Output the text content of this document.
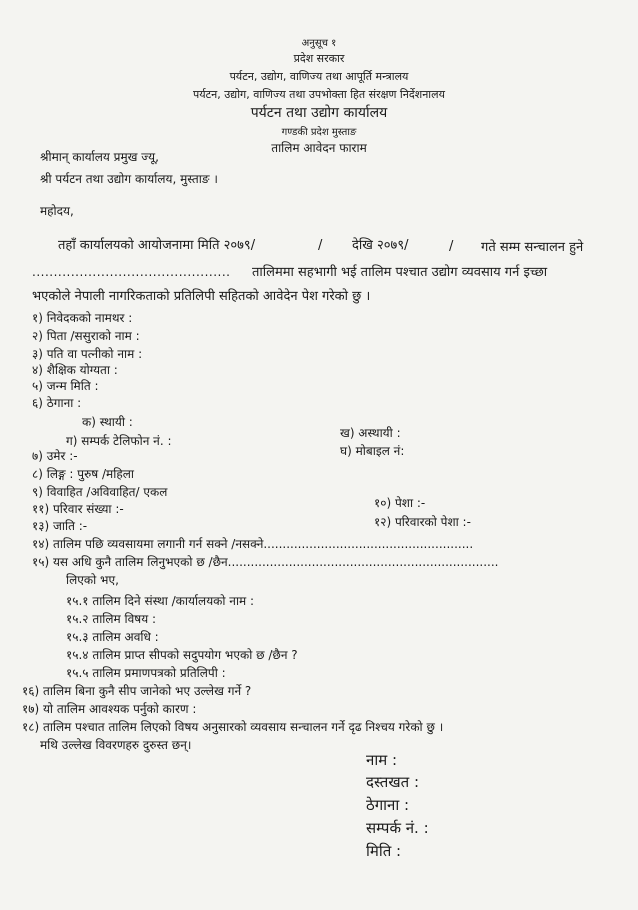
अनुसूच १
प्रदेश सरकार
पर्यटन, उद्योग, वाणिज्य तथा आपूर्ति मन्त्रालय
पर्यटन, उद्योग, वाणिज्य तथा उपभोक्ता हित संरक्षण निर्देशनालय
पर्यटन तथा उद्योग कार्यालय
गण्डकी प्रदेश मुस्ताङ
तालिम आवेदन फाराम
श्रीमान् कार्यालय प्रमुख ज्यू,
श्री पर्यटन तथा उद्योग कार्यालय, मुस्ताङ ।
महोदय,
तहाँ कार्यालयको आयोजनामा मिति २०७९/	/ देखि २०७९/	/ गते सम्म सन्चालन हुने
.............................................. तालिममा सहभागी भई तालिम पश्चात उद्योग व्यवसाय गर्न इच्छा
भएकोले नेपाली नागरिकताको प्रतिलिपी सहितको आवेदेन पेश गरेको छु ।
१) निवेदकको नामथर :
२) पिता /ससुराको नाम :
३) पति वा पत्नीको नाम :
४) शैक्षिक योग्यता :
५) जन्म मिति :
६) ठेगाना :
क) स्थायी :
ख) अस्थायी :
ग) सम्पर्क टेलिफोन नं. :
घ) मोबाइल नं:
७) उमेर :-
८) लिङ्ग : पुरुष /महिला
९) विवाहित /अविवाहित/ एकल
१०) पेशा :-
११) परिवार संख्या :-
१२) परिवारको पेशा :-
१३) जाति :-
१४) तालिम पछि व्यवसायमा लगानी गर्न सक्ने /नसक्ने.......................................................
१५) यस अधि कुनै तालिम लिनुभएको छ /छैन.......................................................................
लिएको भए,
१५.१ तालिम दिने संस्था /कार्यालयको नाम :
१५.२ तालिम विषय :
१५.३ तालिम अवधि :
१५.४ तालिम प्राप्त सीपको सदुपयोग भएको छ /छैन ?
१५.५ तालिम प्रमाणपत्रको प्रतिलिपी :
१६) तालिम बिना कुनै सीप जानेको भए उल्लेख गर्ने ?
१७) यो तालिम आवश्यक पर्नुको कारण :
१८) तालिम पश्चात तालिम लिएको विषय अनुसारको व्यवसाय सन्चालन गर्ने दृढ निश्चय गरेको छु ।
मथि उल्लेख विवरणहरु दुरुस्त छन्।
नाम :
दस्तखत :
ठेगाना :
सम्पर्क नं. :
मिति :
